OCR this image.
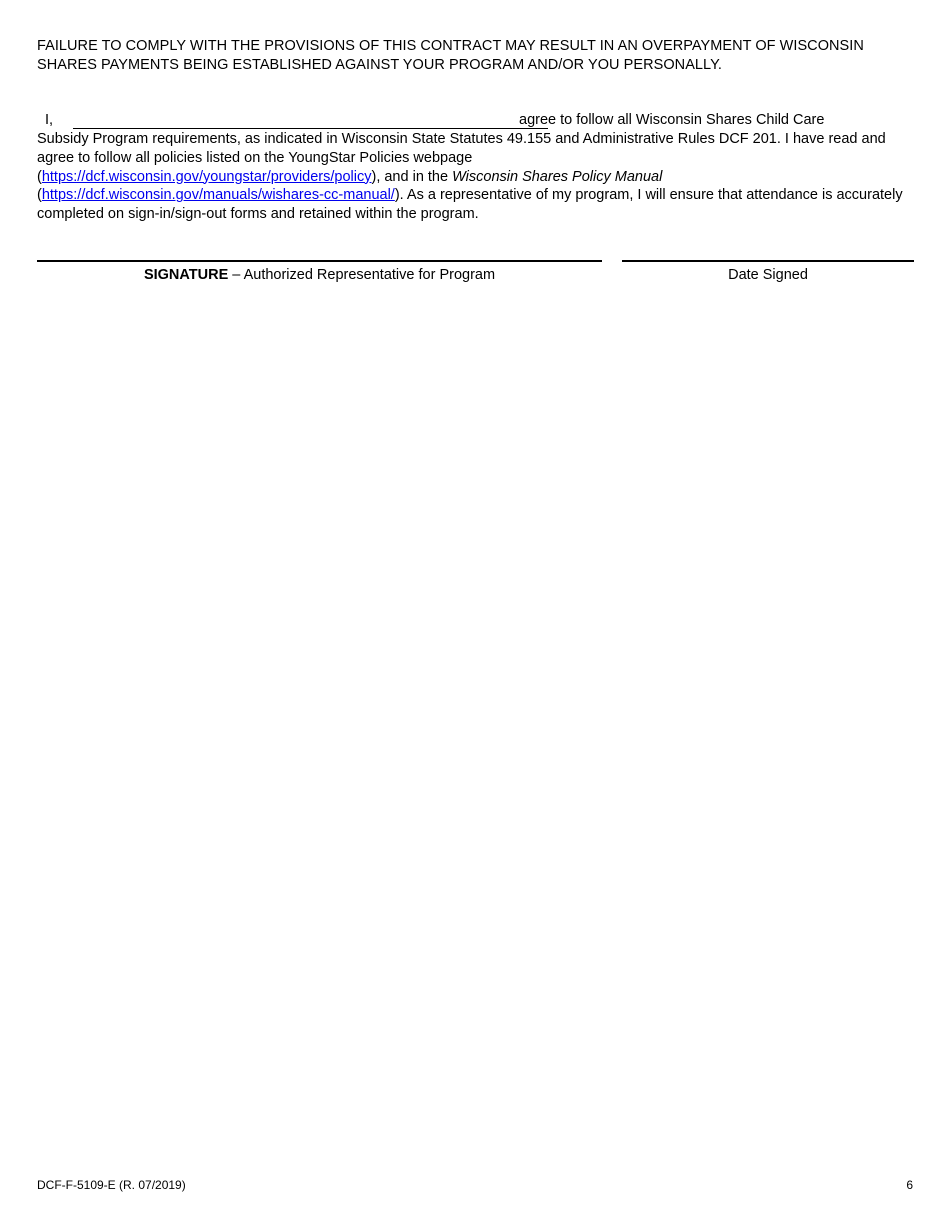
FAILURE TO COMPLY WITH THE PROVISIONS OF THIS CONTRACT MAY RESULT IN AN OVERPAYMENT OF WISCONSIN SHARES PAYMENTS BEING ESTABLISHED AGAINST YOUR PROGRAM AND/OR YOU PERSONALLY.
I,	agree to follow all Wisconsin Shares Child Care

Subsidy Program requirements, as indicated in Wisconsin State Statutes 49.155 and Administrative Rules DCF 201. I have read and agree to follow all policies listed on the YoungStar Policies webpage
(https://dcf.wisconsin.gov/youngstar/providers/policy), and in the Wisconsin Shares Policy Manual
(https://dcf.wisconsin.gov/manuals/wishares-cc-manual/). As a representative of my program, I will ensure that attendance is accurately completed on sign-in/sign-out forms and retained within the program.

SIGNATURE – Authorized Representative for Program	Date Signed
DCF-F-5109-E (R. 07/2019)	6
